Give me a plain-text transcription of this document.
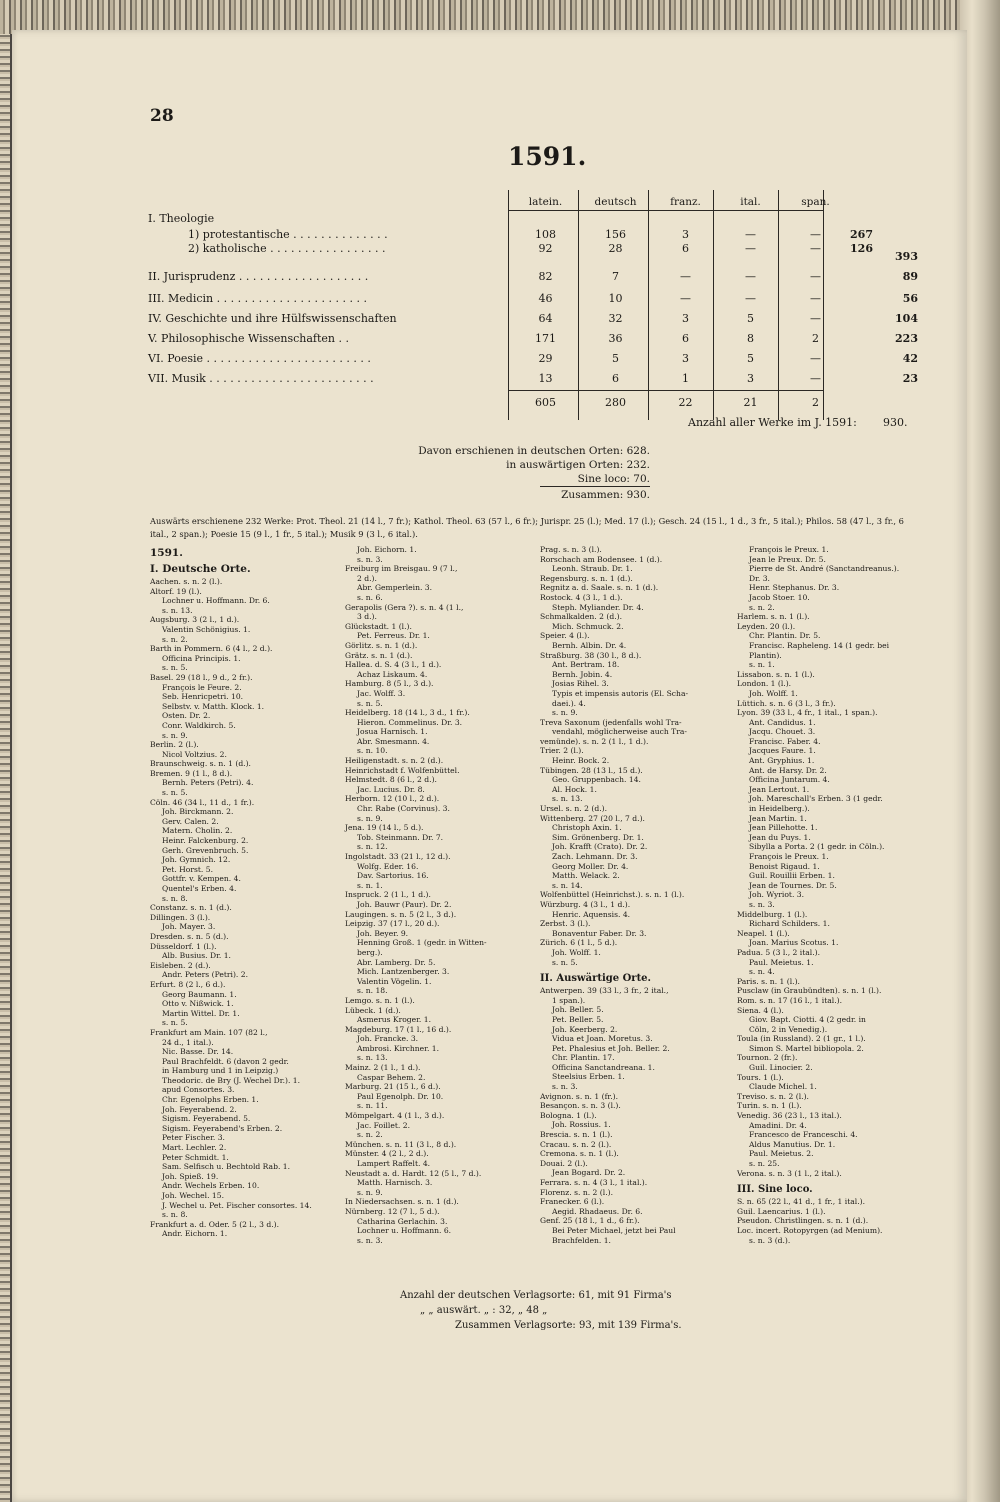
28
1591.
I. Theologie
latein.	deutsch	franz.	ital.	span.
1) protestantische . . . . . . . . . . . . . .	108	156	3	—	—	267
2) katholische . . . . . . . . . . . . . . . . .	92	28	6	—	—	126
II. Jurisprudenz . . . . . . . . . . . . . . . . . . .	82	7	—	—	—	89
III. Medicin . . . . . . . . . . . . . . . . . . . . . .	46	10	—	—	—	56
IV. Geschichte und ihre Hülfswissenschaften	64	32	3	5	—	104
V. Philosophische Wissenschaften . .	171	36	6	8	2	223
VI. Poesie . . . . . . . . . . . . . . . . . . . . . . . .	29	5	3	5	—	42
VII. Musik . . . . . . . . . . . . . . . . . . . . . . . .	13	6	1	3	—	23
393
605	280	22	21	2
Anzahl aller Werke im J. 1591: 930.
Davon erschienen in deutschen Orten: 628.
in auswärtigen Orten: 232.
Sine loco: 70.
Zusammen: 930.
Auswärts erschienene 232 Werke: Prot. Theol. 21 (14 l., 7 fr.); Kathol. Theol. 63 (57 l., 6 fr.); Jurispr. 25 (l.); Med. 17 (l.); Gesch. 24 (15 l., 1 d., 3 fr., 5 ital.); Philos. 58 (47 l., 3 fr., 6 ital., 2 span.); Poesie 15 (9 l., 1 fr., 5 ital.); Musik 9 (3 l., 6 ital.).
1591.
I. Deutsche Orte.
Aachen. s. n. 2 (l.).
Altorf. 19 (l.).
Lochner u. Hoffmann. Dr. 6.
s. n. 13.
Augsburg. 3 (2 l., 1 d.).
Valentin Schönigius. 1.
s. n. 2.
Barth in Pommern. 6 (4 l., 2 d.).
Officina Principis. 1.
s. n. 5.
Basel. 29 (18 l., 9 d., 2 fr.).
François le Feure. 2.
Seb. Henricpetri. 10.
Selbstv. v. Matth. Klock. 1.
Osten. Dr. 2.
Conr. Waldkirch. 5.
s. n. 9.
Berlin. 2 (l.).
Nicol Voltzius. 2.
Braunschweig. s. n. 1 (d.).
Bremen. 9 (1 l., 8 d.).
Bernh. Peters (Petri). 4.
s. n. 5.
Cöln. 46 (34 l., 11 d., 1 fr.).
Joh. Birckmann. 2.
Gerv. Calen. 2.
Matern. Cholin. 2.
Heinr. Falckenburg. 2.
Gerh. Grevenbruch. 5.
Joh. Gymnich. 12.
Pet. Horst. 5.
Gottfr. v. Kempen. 4.
Quentel's Erben. 4.
s. n. 8.
Constanz. s. n. 1 (d.).
Dillingen. 3 (l.).
Joh. Mayer. 3.
Dresden. s. n. 5 (d.).
Düsseldorf. 1 (l.).
Alb. Busius. Dr. 1.
Eisleben. 2 (d.).
Andr. Peters (Petri). 2.
Erfurt. 8 (2 l., 6 d.).
Georg Baumann. 1.
Otto v. Nißwick. 1.
Martin Wittel. Dr. 1.
s. n. 5.
Frankfurt am Main. 107 (82 l.,
24 d., 1 ital.).
Nic. Basse. Dr. 14.
Paul Brachfeldt. 6 (davon 2 gedr.
in Hamburg und 1 in Leipzig.)
Theodoric. de Bry (J. Wechel Dr.). 1.
apud Consortes. 3.
Chr. Egenolphs Erben. 1.
Joh. Feyerabend. 2.
Sigism. Feyerabend. 5.
Sigism. Feyerabend's Erben. 2.
Peter Fischer. 3.
Mart. Lechler. 2.
Peter Schmidt. 1.
Sam. Selfisch u. Bechtold Rab. 1.
Joh. Spieß. 19.
Andr. Wechels Erben. 10.
Joh. Wechel. 15.
J. Wechel u. Pet. Fischer consortes. 14.
s. n. 8.
Frankfurt a. d. Oder. 5 (2 l., 3 d.).
Andr. Eichorn. 1.
Joh. Eichorn. 1.
s. n. 3.
Freiburg im Breisgau. 9 (7 l.,
2 d.).
Abr. Gemperlein. 3.
s. n. 6.
Gerapolis (Gera ?). s. n. 4 (1 l.,
3 d.).
Glückstadt. 1 (l.).
Pet. Ferreus. Dr. 1.
Görlitz. s. n. 1 (d.).
Grätz. s. n. 1 (d.).
Hallea. d. S. 4 (3 l., 1 d.).
Achaz Liskaum. 4.
Hamburg. 8 (5 l., 3 d.).
Jac. Wolff. 3.
s. n. 5.
Heidelberg. 18 (14 l., 3 d., 1 fr.).
Hieron. Commelinus. Dr. 3.
Josua Harnisch. 1.
Abr. Smesmann. 4.
s. n. 10.
Heiligenstadt. s. n. 2 (d.).
Heinrichstadt f. Wolfenbüttel.
Helmstedt. 8 (6 l., 2 d.).
Jac. Lucius. Dr. 8.
Herborn. 12 (10 l., 2 d.).
Chr. Rabe (Corvinus). 3.
s. n. 9.
Jena. 19 (14 l., 5 d.).
Tob. Steinmann. Dr. 7.
s. n. 12.
Ingolstadt. 33 (21 l., 12 d.).
Wolfg. Eder. 16.
Dav. Sartorius. 16.
s. n. 1.
Inspruck. 2 (1 l., 1 d.).
Joh. Bauwr (Paur). Dr. 2.
Laugingen. s. n. 5 (2 l., 3 d.).
Leipzig. 37 (17 l., 20 d.).
Joh. Beyer. 9.
Henning Groß. 1 (gedr. in Witten-
berg.).
Abr. Lamberg. Dr. 5.
Mich. Lantzenberger. 3.
Valentin Vögelin. 1.
s. n. 18.
Lemgo. s. n. 1 (l.).
Lübeck. 1 (d.).
Asmerus Kroger. 1.
Magdeburg. 17 (1 l., 16 d.).
Joh. Francke. 3.
Ambrosi. Kirchner. 1.
s. n. 13.
Mainz. 2 (1 l., 1 d.).
Caspar Behem. 2.
Marburg. 21 (15 l., 6 d.).
Paul Egenolph. Dr. 10.
s. n. 11.
Mömpelgart. 4 (1 l., 3 d.).
Jac. Foillet. 2.
s. n. 2.
München. s. n. 11 (3 l., 8 d.).
Münster. 4 (2 l., 2 d.).
Lampert Raffelt. 4.
Neustadt a. d. Hardt. 12 (5 l., 7 d.).
Matth. Harnisch. 3.
s. n. 9.
In Niedersachsen. s. n. 1 (d.).
Nürnberg. 12 (7 l., 5 d.).
Catharina Gerlachin. 3.
Lochner u. Hoffmann. 6.
s. n. 3.
Prag. s. n. 3 (l.).
Rorschach am Bodensee. 1 (d.).
Leonh. Straub. Dr. 1.
Regensburg. s. n. 1 (d.).
Regnitz a. d. Saale. s. n. 1 (d.).
Rostock. 4 (3 l., 1 d.).
Steph. Myliander. Dr. 4.
Schmalkalden. 2 (d.).
Mich. Schmuck. 2.
Speier. 4 (l.).
Bernh. Albin. Dr. 4.
Straßburg. 38 (30 l., 8 d.).
Ant. Bertram. 18.
Bernh. Jobin. 4.
Josias Rihel. 3.
Typis et impensis autoris (El. Scha-
daei.). 4.
s. n. 9.
Treva Saxonum (jedenfalls wohl Tra-
vendahl, möglicherweise auch Tra-
vemünde). s. n. 2 (1 l., 1 d.).
Trier. 2 (l.).
Heinr. Bock. 2.
Tübingen. 28 (13 l., 15 d.).
Geo. Gruppenbach. 14.
Al. Hock. 1.
s. n. 13.
Ursel. s. n. 2 (d.).
Wittenberg. 27 (20 l., 7 d.).
Christoph Axin. 1.
Sim. Grönenberg. Dr. 1.
Joh. Krafft (Crato). Dr. 2.
Zach. Lehmann. Dr. 3.
Georg Moller. Dr. 4.
Matth. Welack. 2.
s. n. 14.
Wolfenbüttel (Heinrichst.). s. n. 1 (l.).
Würzburg. 4 (3 l., 1 d.).
Henric. Aquensis. 4.
Zerbst. 3 (l.).
Bonaventur Faber. Dr. 3.
Zürich. 6 (1 l., 5 d.).
Joh. Wolff. 1.
s. n. 5.
II. Auswärtige Orte.
Antwerpen. 39 (33 l., 3 fr., 2 ital.,
1 span.).
Joh. Beller. 5.
Pet. Beller. 5.
Joh. Keerberg. 2.
Vidua et Joan. Moretus. 3.
Pet. Phalesius et Joh. Beller. 2.
Chr. Plantin. 17.
Officina Sanctandreana. 1.
Steelsius Erben. 1.
s. n. 3.
Avignon. s. n. 1 (fr.).
Besançon. s. n. 3 (l.).
Bologna. 1 (l.).
Joh. Rossius. 1.
Brescia. s. n. 1 (l.).
Cracau. s. n. 2 (l.).
Cremona. s. n. 1 (l.).
Douai. 2 (l.).
Jean Bogard. Dr. 2.
Ferrara. s. n. 4 (3 l., 1 ital.).
Florenz. s. n. 2 (l.).
Franecker. 6 (l.).
Aegid. Rhadaeus. Dr. 6.
Genf. 25 (18 l., 1 d., 6 fr.).
Bei Peter Michael, jetzt bei Paul
Brachfelden. 1.
François le Preux. 1.
Jean le Preux. Dr. 5.
Pierre de St. André (Sanctandreanus.).
Dr. 3.
Henr. Stephanus. Dr. 3.
Jacob Stoer. 10.
s. n. 2.
Harlem. s. n. 1 (l.).
Leyden. 20 (l.).
Chr. Plantin. Dr. 5.
Francisc. Rapheleng. 14 (1 gedr. bei
Plantin).
s. n. 1.
Lissabon. s. n. 1 (l.).
London. 1 (l.).
Joh. Wolff. 1.
Lüttich. s. n. 6 (3 l., 3 fr.).
Lyon. 39 (33 l., 4 fr., 1 ital., 1 span.).
Ant. Candidus. 1.
Jacqu. Chouet. 3.
Francisc. Faber. 4.
Jacques Faure. 1.
Ant. Gryphius. 1.
Ant. de Harsy. Dr. 2.
Officina Juntarum. 4.
Jean Lertout. 1.
Joh. Mareschall's Erben. 3 (1 gedr.
in Heidelberg.).
Jean Martin. 1.
Jean Pillehotte. 1.
Jean du Puys. 1.
Sibylla a Porta. 2 (1 gedr. in Cöln.).
François le Preux. 1.
Benoist Rigaud. 1.
Guil. Rouillii Erben. 1.
Jean de Tournes. Dr. 5.
Joh. Wyriot. 3.
s. n. 3.
Middelburg. 1 (l.).
Richard Schilders. 1.
Neapel. 1 (l.).
Joan. Marius Scotus. 1.
Padua. 5 (3 l., 2 ital.).
Paul. Meietus. 1.
s. n. 4.
Paris. s. n. 1 (l.).
Pusclaw (in Graubündten). s. n. 1 (l.).
Rom. s. n. 17 (16 l., 1 ital.).
Siena. 4 (l.).
Giov. Bapt. Ciotti. 4 (2 gedr. in
Cöln, 2 in Venedig.).
Toula (in Russland). 2 (1 gr., 1 l.).
Simon S. Martel bibliopola. 2.
Tournon. 2 (fr.).
Guil. Linocier. 2.
Tours. 1 (l.).
Claude Michel. 1.
Treviso. s. n. 2 (l.).
Turin. s. n. 1 (l.).
Venedig. 36 (23 l., 13 ital.).
Amadini. Dr. 4.
Francesco de Franceschi. 4.
Aldus Manutius. Dr. 1.
Paul. Meietus. 2.
s. n. 25.
Verona. s. n. 3 (1 l., 2 ital.).
III. Sine loco.
S. n. 65 (22 l., 41 d., 1 fr., 1 ital.).
Guil. Laencarius. 1 (l.).
Pseudon. Christlingen. s. n. 1 (d.).
Loc. incert. Rotopyrgen (ad Menium).
s. n. 3 (d.).
Anzahl der deutschen Verlagsorte: 61, mit 91 Firma's
„ „ auswärt. „ : 32, „ 48 „
Zusammen Verlagsorte: 93, mit 139 Firma's.
